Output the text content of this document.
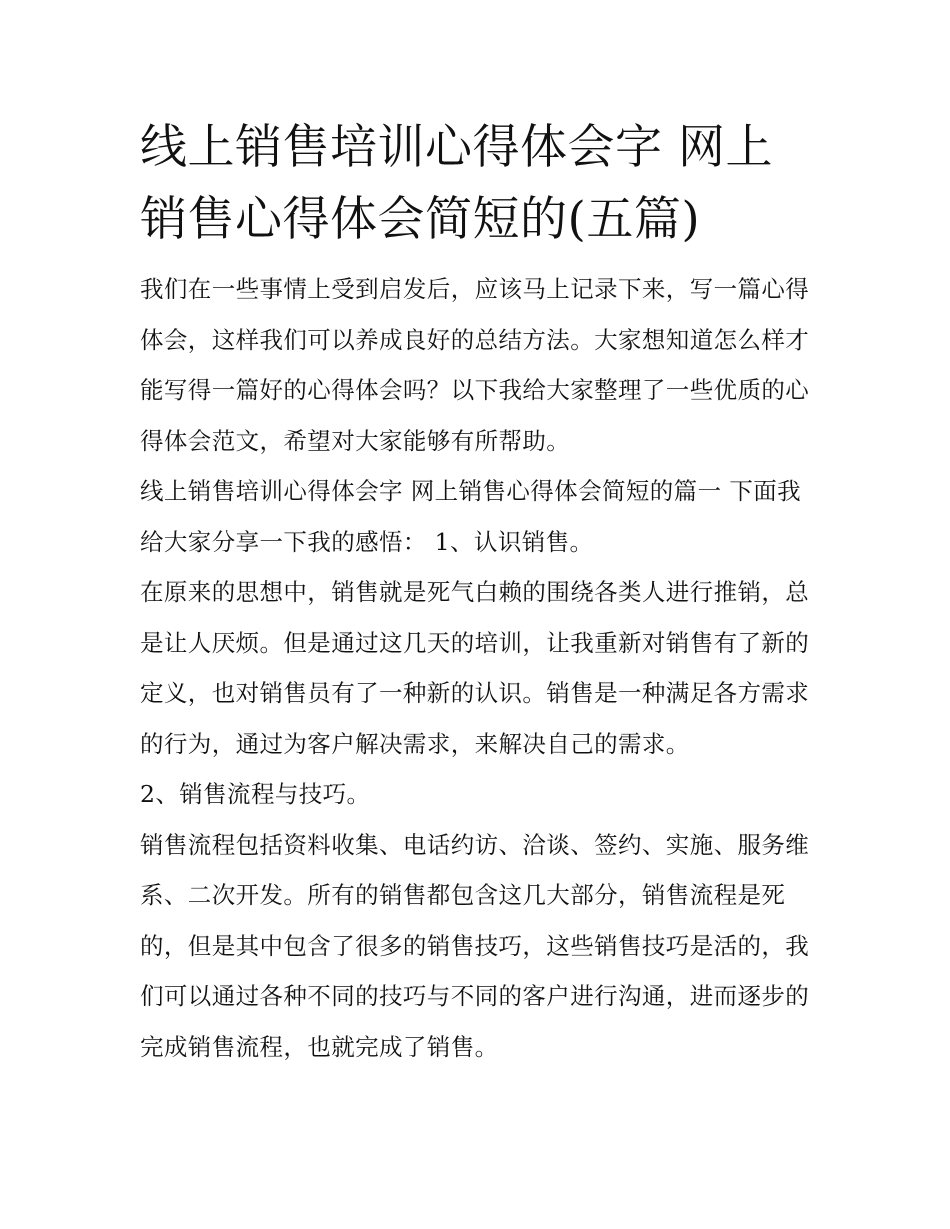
线上销售培训心得体会字 网上销售心得体会简短的(五篇)

我们在一些事情上受到启发后，应该马上记录下来，写一篇心得体会，这样我们可以养成良好的总结方法。大家想知道怎么样才能写得一篇好的心得体会吗？以下我给大家整理了一些优质的心得体会范文，希望对大家能够有所帮助。

线上销售培训心得体会字 网上销售心得体会简短的篇一 下面我给大家分享一下我的感悟： 1、认识销售。

在原来的思想中，销售就是死气白赖的围绕各类人进行推销，总是让人厌烦。但是通过这几天的培训，让我重新对销售有了新的定义，也对销售员有了一种新的认识。销售是一种满足各方需求的行为，通过为客户解决需求，来解决自己的需求。

2、销售流程与技巧。

销售流程包括资料收集、电话约访、洽谈、签约、实施、服务维系、二次开发。所有的销售都包含这几大部分，销售流程是死的，但是其中包含了很多的销售技巧，这些销售技巧是活的，我们可以通过各种不同的技巧与不同的客户进行沟通，进而逐步的完成销售流程，也就完成了销售。
